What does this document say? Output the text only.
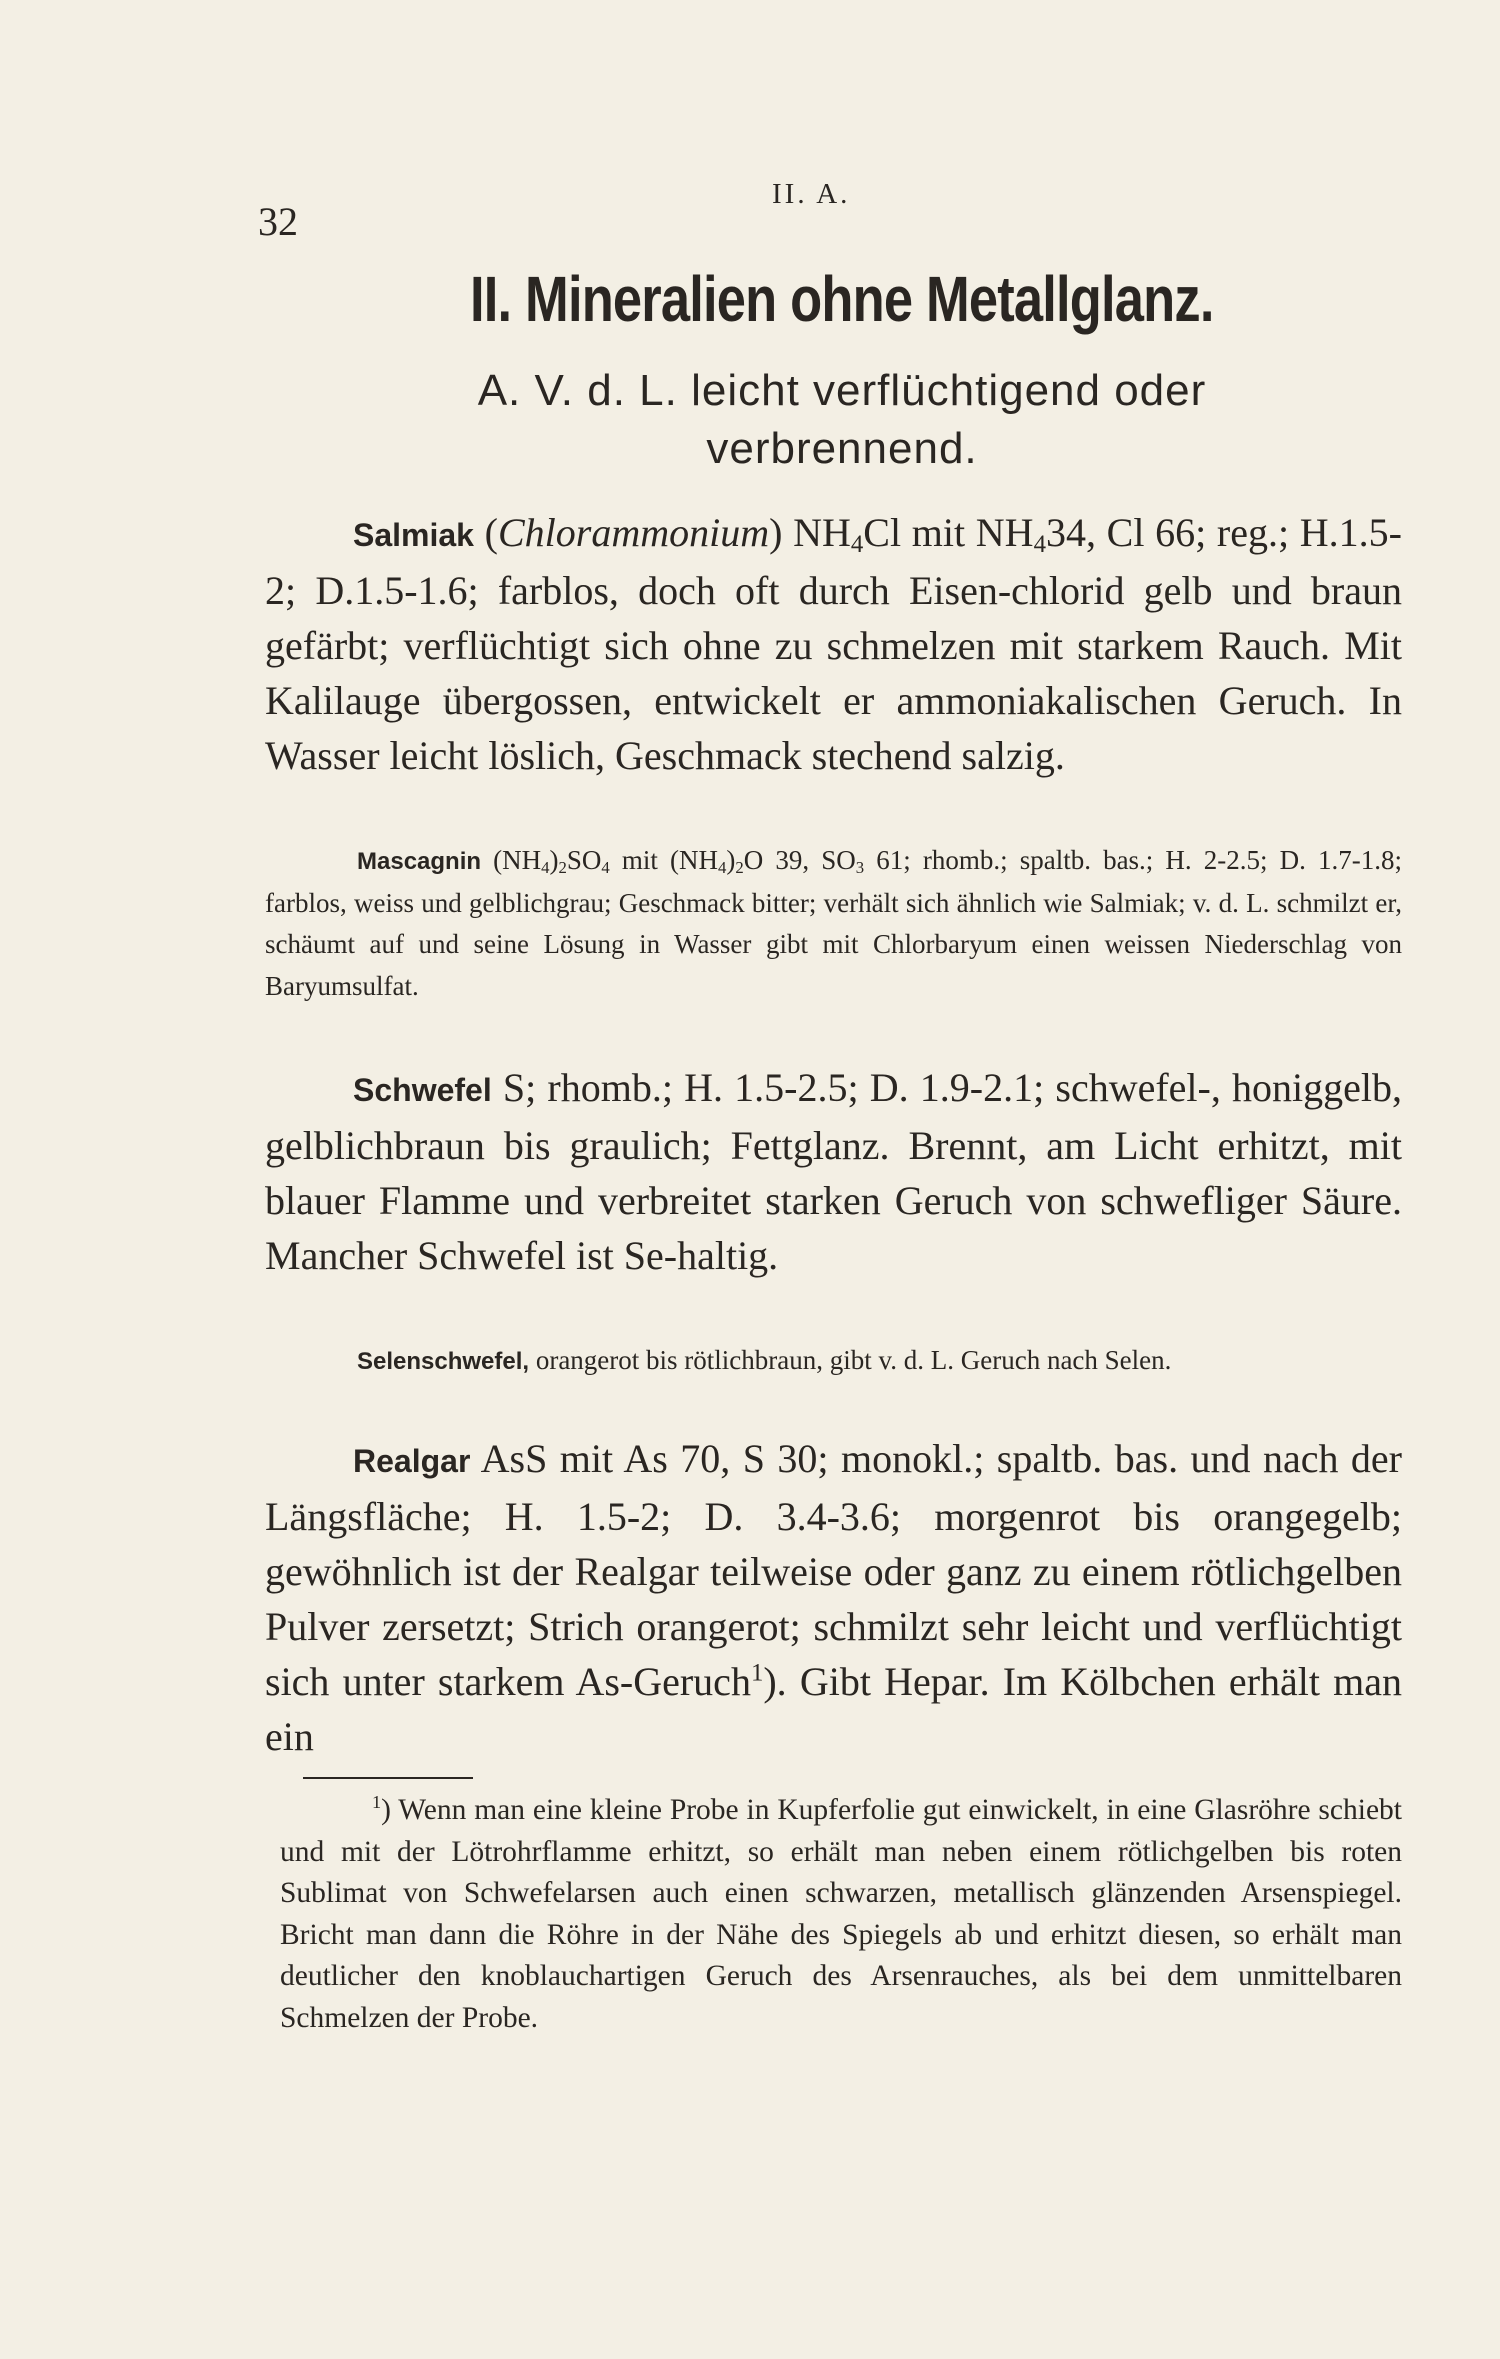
32
II. A.
II. Mineralien ohne Metallglanz.
A. V. d. L. leicht verflüchtigend oder
verbrennend.
Salmiak (Chlorammonium) $NH_4Cl$ mit $NH_434$, Cl 66; reg.; H.1.5-2; D.1.5-1.6; farblos, doch oft durch Eisen-chlorid gelb und braun gefärbt; verflüchtigt sich ohne zu schmelzen mit starkem Rauch. Mit Kalilauge übergossen, entwickelt er ammoniakalischen Geruch. In Wasser leicht löslich, Geschmack stechend salzig.
Mascagnin $(NH_4)_2SO_4$ mit $(NH_4)_2O$ 39, $SO_3$ 61; rhomb.; spaltb. bas.; H. 2-2.5; D. 1.7-1.8; farblos, weiss und gelblichgrau; Geschmack bitter; verhält sich ähnlich wie Salmiak; v. d. L. schmilzt er, schäumt auf und seine Lösung in Wasser gibt mit Chlorbaryum einen weissen Niederschlag von Baryumsulfat.
Schwefel S; rhomb.; H. 1.5-2.5; D. 1.9-2.1; schwefel-, honiggelb, gelblichbraun bis graulich; Fettglanz. Brennt, am Licht erhitzt, mit blauer Flamme und verbreitet starken Geruch von schwefliger Säure. Mancher Schwefel ist Se-haltig.
Selenschwefel, orangerot bis rötlichbraun, gibt v. d. L. Geruch nach Selen.
Realgar AsS mit As 70, S 30; monokl.; spaltb. bas. und nach der Längsfläche; H. 1.5-2; D. 3.4-3.6; morgenrot bis orangegelb; gewöhnlich ist der Realgar teilweise oder ganz zu einem rötlichgelben Pulver zersetzt; Strich orangerot; schmilzt sehr leicht und verflüchtigt sich unter starkem As-Geruch$^1$). Gibt Hepar. Im Kölbchen erhält man ein
$^1$) Wenn man eine kleine Probe in Kupferfolie gut einwickelt, in eine Glasröhre schiebt und mit der Lötrohrflamme erhitzt, so erhält man neben einem rötlichgelben bis roten Sublimat von Schwefelarsen auch einen schwarzen, metallisch glänzenden Arsenspiegel. Bricht man dann die Röhre in der Nähe des Spiegels ab und erhitzt diesen, so erhält man deutlicher den knoblauchartigen Geruch des Arsenrauches, als bei dem unmittelbaren Schmelzen der Probe.
